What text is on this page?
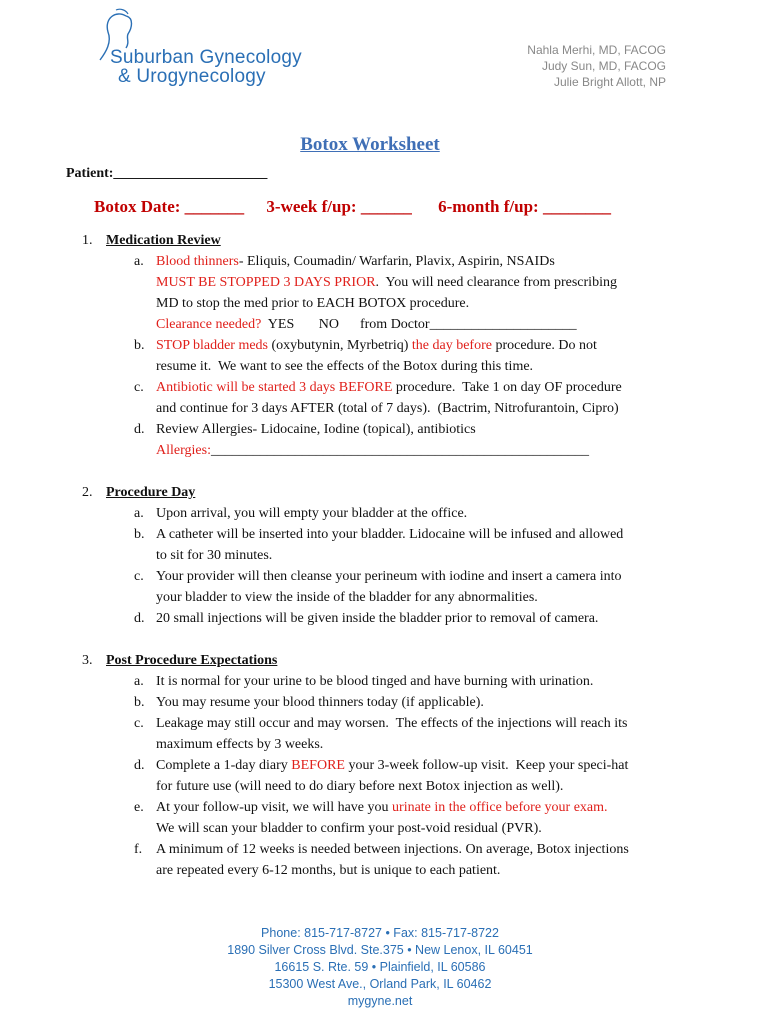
Suburban Gynecology
& Urogynecology
Nahla Merhi, MD, FACOG
Judy Sun, MD, FACOG
Julie Bright Allott, NP
Botox Worksheet
Patient:______________________
Botox Date: _______ 3-week f/up: ______ 6-month f/up: ________
1. Medication Review
a. Blood thinners- Eliquis, Coumadin/ Warfarin, Plavix, Aspirin, NSAIDs
MUST BE STOPPED 3 DAYS PRIOR.  You will need clearance from prescribing
MD to stop the med prior to EACH BOTOX procedure.
Clearance needed?  YES       NO      from Doctor_____________________
b. STOP bladder meds (oxybutynin, Myrbetriq) the day before procedure. Do not
resume it.  We want to see the effects of the Botox during this time.
c. Antibiotic will be started 3 days BEFORE procedure.  Take 1 on day OF procedure
and continue for 3 days AFTER (total of 7 days).  (Bactrim, Nitrofurantoin, Cipro)
d. Review Allergies- Lidocaine, Iodine (topical), antibiotics
Allergies:______________________________________________________
2. Procedure Day
a. Upon arrival, you will empty your bladder at the office.
b. A catheter will be inserted into your bladder. Lidocaine will be infused and allowed
to sit for 30 minutes.
c. Your provider will then cleanse your perineum with iodine and insert a camera into
your bladder to view the inside of the bladder for any abnormalities.
d. 20 small injections will be given inside the bladder prior to removal of camera.
3. Post Procedure Expectations
a. It is normal for your urine to be blood tinged and have burning with urination.
b. You may resume your blood thinners today (if applicable).
c. Leakage may still occur and may worsen.  The effects of the injections will reach its
maximum effects by 3 weeks.
d. Complete a 1-day diary BEFORE your 3-week follow-up visit.  Keep your speci-hat
for future use (will need to do diary before next Botox injection as well).
e. At your follow-up visit, we will have you urinate in the office before your exam.
We will scan your bladder to confirm your post-void residual (PVR).
f. A minimum of 12 weeks is needed between injections. On average, Botox injections
are repeated every 6-12 months, but is unique to each patient.
Phone: 815-717-8727 • Fax: 815-717-8722
1890 Silver Cross Blvd. Ste.375 • New Lenox, IL 60451
16615 S. Rte. 59 • Plainfield, IL 60586
15300 West Ave., Orland Park, IL 60462
mygyne.net
